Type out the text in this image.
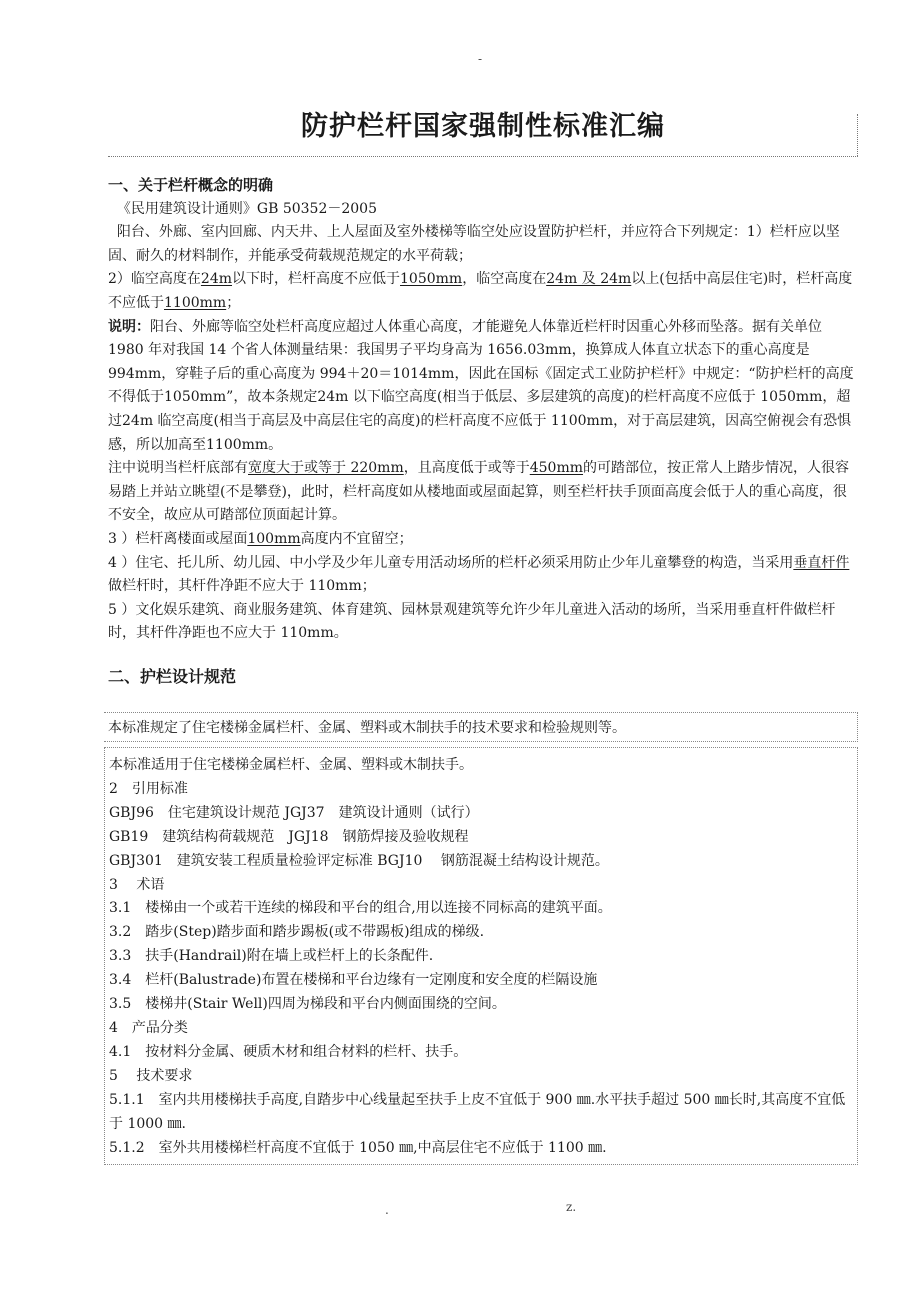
-
防护栏杆国家强制性标准汇编

一、关于栏杆概念的明确

《民用建筑设计通则》GB 50352－2005

阳台、外廊、室内回廊、内天井、上人屋面及室外楼梯等临空处应设置防护栏杆，并应符合下列规定：1）栏杆应以坚固、耐久的材料制作，并能承受荷载规范规定的水平荷载；

2）临空高度在24m以下时，栏杆高度不应低于1050mm，临空高度在24m 及 24m以上(包括中高层住宅)时，栏杆高度不应低于1100mm；

说明：阳台、外廊等临空处栏杆高度应超过人体重心高度，才能避免人体靠近栏杆时因重心外移而坠落。据有关单位 1980 年对我国 14 个省人体测量结果：我国男子平均身高为 1656.03mm，换算成人体直立状态下的重心高度是 994mm，穿鞋子后的重心高度为 994＋20＝1014mm，因此在国标《固定式工业防护栏杆》中规定：“防护栏杆的高度不得低于1050mm”，故本条规定24m 以下临空高度(相当于低层、多层建筑的高度)的栏杆高度不应低于 1050mm，超过24m 临空高度(相当于高层及中高层住宅的高度)的栏杆高度不应低于 1100mm，对于高层建筑，因高空俯视会有恐惧感，所以加高至1100mm。

注中说明当栏杆底部有宽度大于或等于 220mm，且高度低于或等于450mm的可踏部位，按正常人上踏步情况，人很容易踏上并站立眺望(不是攀登)，此时，栏杆高度如从楼地面或屋面起算，则至栏杆扶手顶面高度会低于人的重心高度，很不安全，故应从可踏部位顶面起计算。

3 ）栏杆离楼面或屋面100mm高度内不宜留空；

4 ）住宅、托儿所、幼儿园、中小学及少年儿童专用活动场所的栏杆必须采用防止少年儿童攀登的构造，当采用垂直杆件做栏杆时，其杆件净距不应大于 110mm；

5 ）文化娱乐建筑、商业服务建筑、体育建筑、园林景观建筑等允许少年儿童进入活动的场所，当采用垂直杆件做栏杆时，其杆件净距也不应大于 110mm。

二、护栏设计规范
本标准规定了住宅楼梯金属栏杆、金属、塑料或木制扶手的技术要求和检验规则等。

本标准适用于住宅楼梯金属栏杆、金属、塑料或木制扶手。

2　引用标准

GBJ96　住宅建筑设计规范 JGJ37　建筑设计通则（试行）

GB19　建筑结构荷载规范　JGJ18　钢筋焊接及验收规程

GBJ301　建筑安装工程质量检验评定标准 BGJ10　 钢筋混凝土结构设计规范。

3　 术语

3.1　楼梯由一个或若干连续的梯段和平台的组合,用以连接不同标高的建筑平面。

3.2　踏步(Step)踏步面和踏步踢板(或不带踢板)组成的梯级.

3.3　扶手(Handrail)附在墙上或栏杆上的长条配件.

3.4　栏杆(Balustrade)布置在楼梯和平台边缘有一定刚度和安全度的栏隔设施

3.5　楼梯井(Stair Well)四周为梯段和平台内侧面围绕的空间。

4　产品分类

4.1　按材料分金属、硬质木材和组合材料的栏杆、扶手。

5　 技术要求

5.1.1　室内共用楼梯扶手高度,自踏步中心线量起至扶手上皮不宜低于 900 ㎜.水平扶手超过 500 ㎜长时,其高度不宜低于 1000 ㎜.

5.1.2　室外共用楼梯栏杆高度不宜低于 1050 ㎜,中高层住宅不应低于 1100 ㎜.

.	z.
